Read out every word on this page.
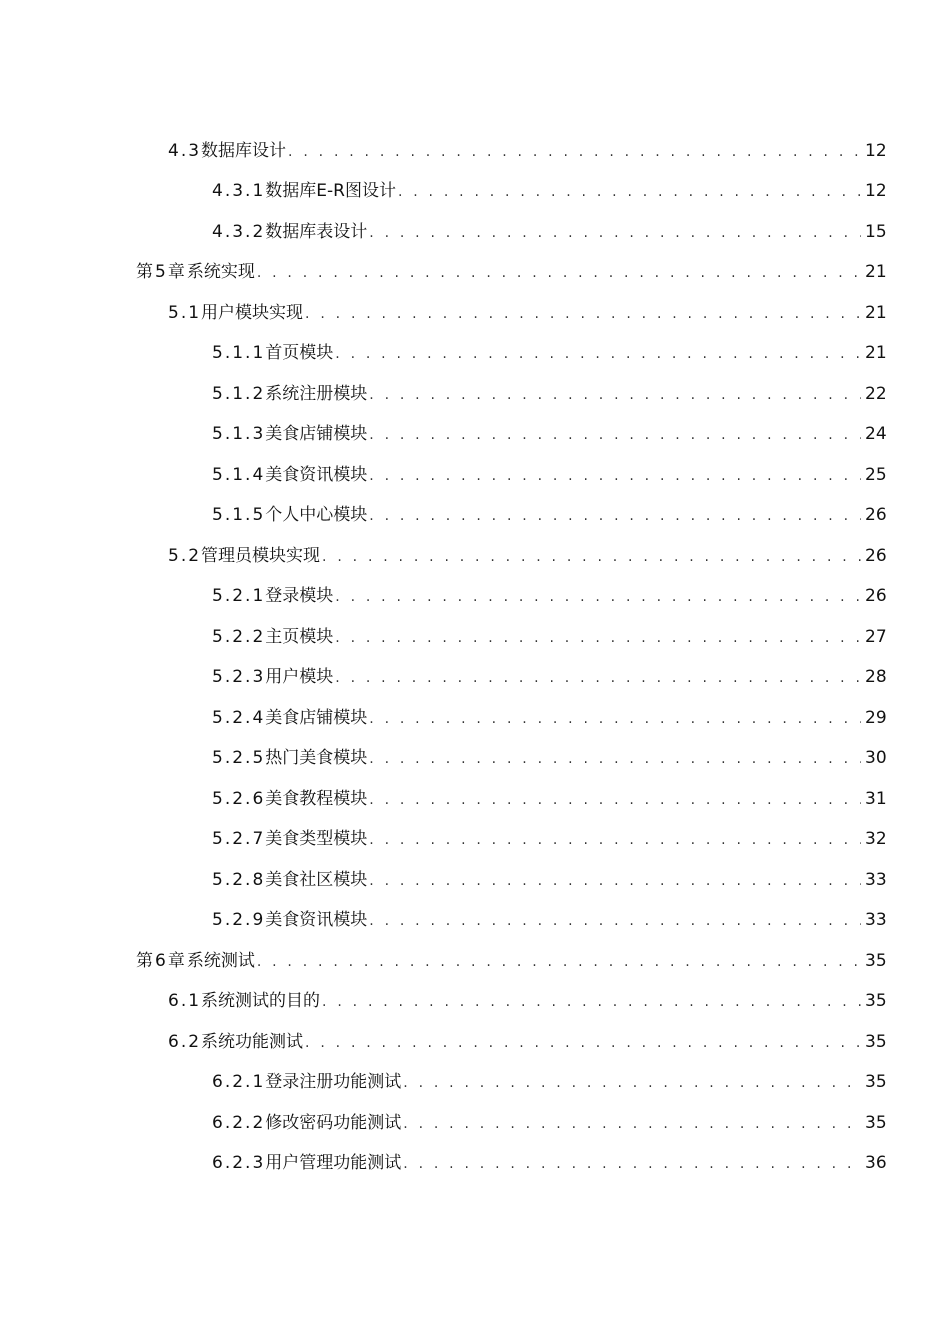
4.3 数据库设计 . . .	12
4.3.1 数据库E-R图设计 . . .	12
4.3.2 数据库表设计 . . .	15
第5章 系统实现 . . .	21
5.1 用户模块实现 . . .	21
5.1.1 首页模块 . . .	21
5.1.2 系统注册模块 . . .	22
5.1.3 美食店铺模块 . . .	24
5.1.4 美食资讯模块 . . .	25
5.1.5 个人中心模块 . . .	26
5.2 管理员模块实现 . . .	26
5.2.1 登录模块 . . .	26
5.2.2 主页模块 . . .	27
5.2.3 用户模块 . . .	28
5.2.4 美食店铺模块 . . .	29
5.2.5 热门美食模块 . . .	30
5.2.6 美食教程模块 . . .	31
5.2.7 美食类型模块 . . .	32
5.2.8 美食社区模块 . . .	33
5.2.9 美食资讯模块 . . .	33
第6章 系统测试 . . .	35
6.1 系统测试的目的 . . .	35
6.2 系统功能测试 . . .	35
6.2.1 登录注册功能测试 . . .	35
6.2.2 修改密码功能测试 . . .	35
6.2.3 用户管理功能测试 . . .	36
